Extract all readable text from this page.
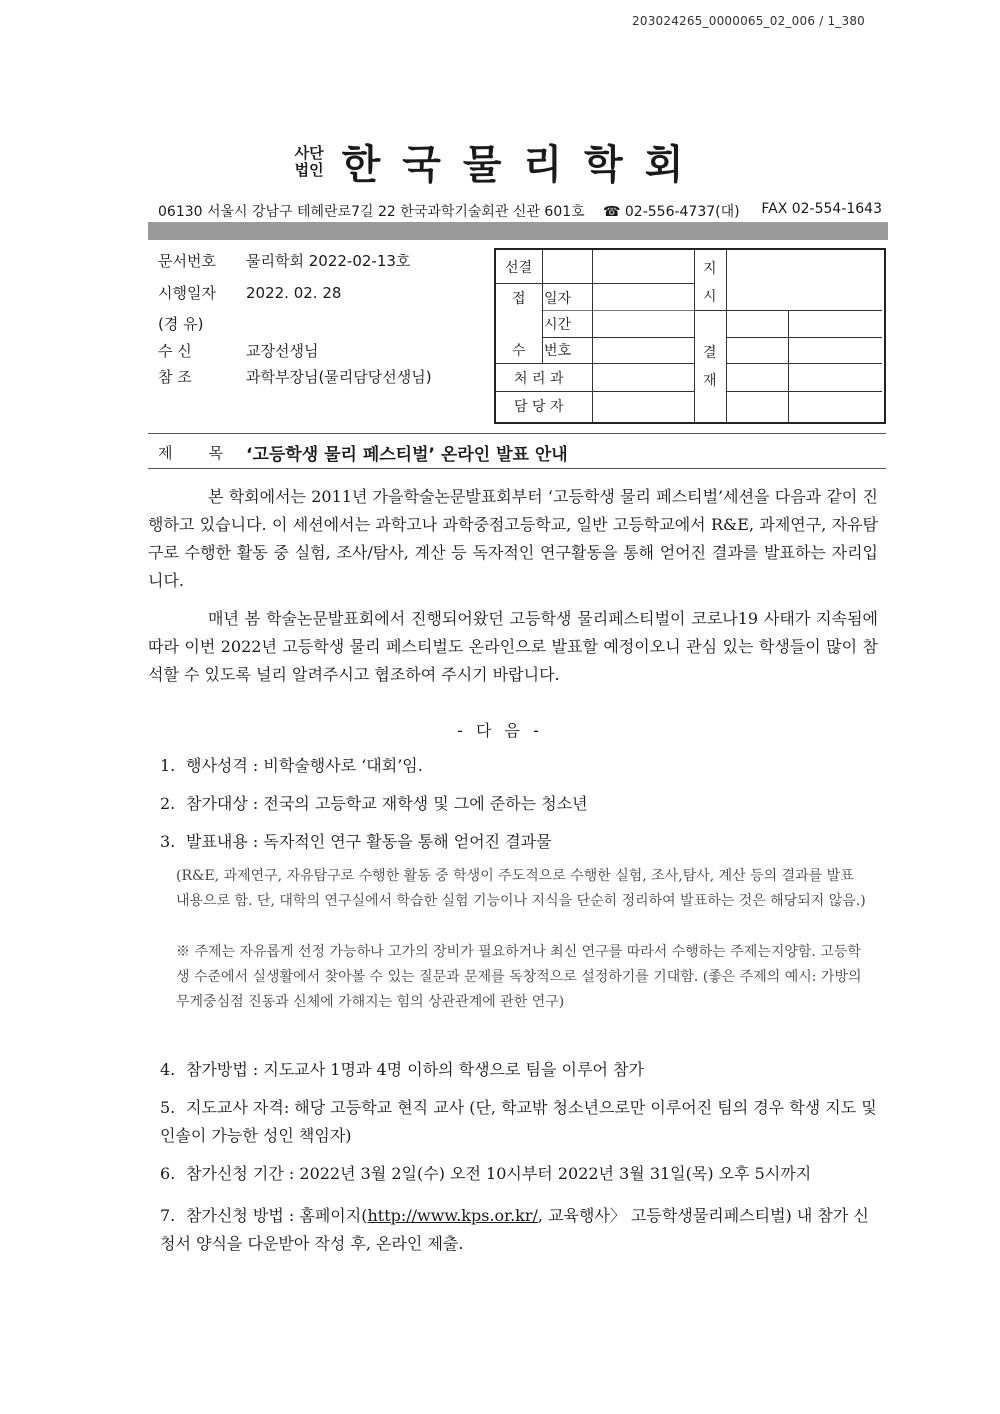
203024265_0000065_02_006 / 1_380
사단
법인 한국물리학회
06130 서울시 강남구 테헤란로7길 22 한국과학기술회관 신관 601호 ☎ 02-556-4737(대) FAX 02-554-1643
문서번호 물리학회 2022-02-13호
시행일자 2022. 02. 28
(경 유)
수 신	교장선생님
참 조	과학부장님(물리담당선생님)
선결
접
수
일자
시간
번호
처 리 과
담 당 자
지
시
결
재
제목
‘고등학생 물리 페스티벌’ 온라인 발표 안내
본 학회에서는 2011년 가을학술논문발표회부터 ‘고등학생 물리 페스티벌’세션을 다음과 같이 진행하고 있습니다. 이 세션에서는 과학고나 과학중점고등학교, 일반 고등학교에서 R&E, 과제연구, 자유탐구로 수행한 활동 중 실험, 조사/탐사, 계산 등 독자적인 연구활동을 통해 얻어진 결과를 발표하는 자리입니다.
매년 봄 학술논문발표회에서 진행되어왔던 고등학생 물리페스티벌이 코로나19 사태가 지속됨에 따라 이번 2022년 고등학생 물리 페스티벌도 온라인으로 발표할 예정이오니 관심 있는 학생들이 많이 참석할 수 있도록 널리 알려주시고 협조하여 주시기 바랍니다.
- 다 음 -
1. 행사성격 : 비학술행사로 ‘대회’임.
2. 참가대상 : 전국의 고등학교 재학생 및 그에 준하는 청소년
3. 발표내용 : 독자적인 연구 활동을 통해 얻어진 결과물
(R&E, 과제연구, 자유탐구로 수행한 활동 중 학생이 주도적으로 수행한 실험, 조사,탐사, 계산 등의 결과를 발표 내용으로 함. 단, 대학의 연구실에서 학습한 실험 기능이나 지식을 단순히 정리하여 발표하는 것은 해당되지 않음.)
※ 주제는 자유롭게 선정 가능하나 고가의 장비가 필요하거나 최신 연구를 따라서 수행하는 주제는지양함. 고등학생 수준에서 실생활에서 찾아볼 수 있는 질문과 문제를 독창적으로 설정하기를 기대함. (좋은 주제의 예시: 가방의 무게중심점 진동과 신체에 가해지는 힘의 상관관계에 관한 연구)
4. 참가방법 : 지도교사 1명과 4명 이하의 학생으로 팀을 이루어 참가
5. 지도교사 자격: 해당 고등학교 현직 교사 (단, 학교밖 청소년으로만 이루어진 팀의 경우 학생 지도 및 인솔이 가능한 성인 책임자)
6. 참가신청 기간 : 2022년 3월 2일(수) 오전 10시부터 2022년 3월 31일(목) 오후 5시까지
7. 참가신청 방법 : 홈페이지(http://www.kps.or.kr/, 교육행사〉 고등학생물리페스티벌) 내 참가 신청서 양식을 다운받아 작성 후, 온라인 제출.
